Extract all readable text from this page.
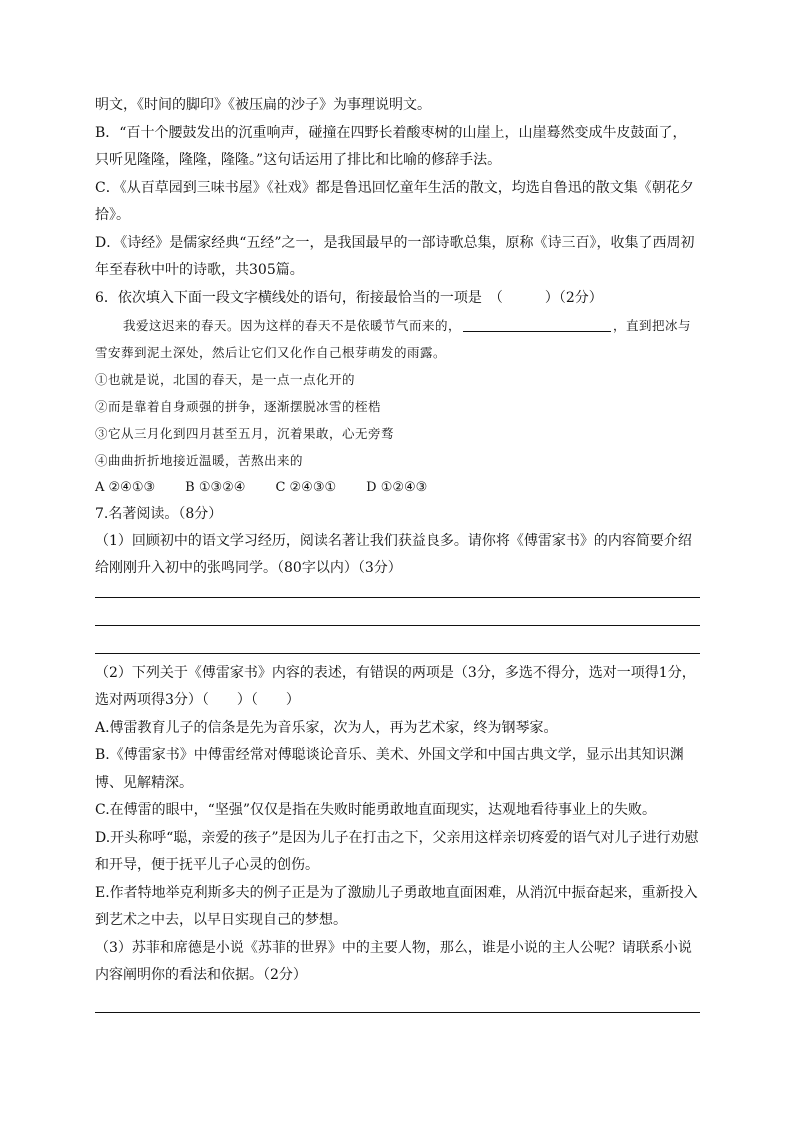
明文，《时间的脚印》《被压扁的沙子》为事理说明文。

B．“百十个腰鼓发出的沉重响声，碰撞在四野长着酸枣树的山崖上，山崖蓦然变成牛皮鼓面了，只听见隆隆，隆隆，隆隆。”这句话运用了排比和比喻的修辞手法。

C．《从百草园到三味书屋》《社戏》都是鲁迅回忆童年生活的散文，均选自鲁迅的散文集《朝花夕拾》。

D．《诗经》是儒家经典“五经”之一，是我国最早的一部诗歌总集，原称《诗三百》，收集了西周初年至春秋中叶的诗歌，共305篇。

6．依次填入下面一段文字横线处的语句，衔接最恰当的一项是　（　　　）（2分）

我爱这迟来的春天。因为这样的春天不是依暖节气而来的，	，直到把冰与雪安葬到泥土深处，然后让它们又化作自己根芽萌发的雨露。

①也就是说，北国的春天，是一点一点化开的

②而是靠着自身顽强的拼争，逐渐摆脱冰雪的桎梏

③它从三月化到四月甚至五月，沉着果敢，心无旁骛

④曲曲折折地接近温暖，苦熬出来的

A ②④①③ B ①③②④ C ②④③① D ①②④③

7.名著阅读。（8分）

（1）回顾初中的语文学习经历，阅读名著让我们获益良多。请你将《傅雷家书》的内容简要介绍给刚刚升入初中的张鸣同学。（80字以内）（3分）

（2）下列关于《傅雷家书》内容的表述，有错误的两项是（3分，多选不得分，选对一项得1分，选对两项得3分）（　　）（　　）

A.傅雷教育儿子的信条是先为音乐家，次为人，再为艺术家，终为钢琴家。

B.《傅雷家书》中傅雷经常对傅聪谈论音乐、美术、外国文学和中国古典文学，显示出其知识渊博、见解精深。

C.在傅雷的眼中，“坚强”仅仅是指在失败时能勇敢地直面现实，达观地看待事业上的失败。

D.开头称呼“聪，亲爱的孩子”是因为儿子在打击之下，父亲用这样亲切疼爱的语气对儿子进行劝慰和开导，便于抚平儿子心灵的创伤。

E.作者特地举克利斯多夫的例子正是为了激励儿子勇敢地直面困难，从消沉中振奋起来，重新投入到艺术之中去，以早日实现自己的梦想。

（3）苏菲和席德是小说《苏菲的世界》中的主要人物，那么，谁是小说的主人公呢？请联系小说内容阐明你的看法和依据。（2分）
